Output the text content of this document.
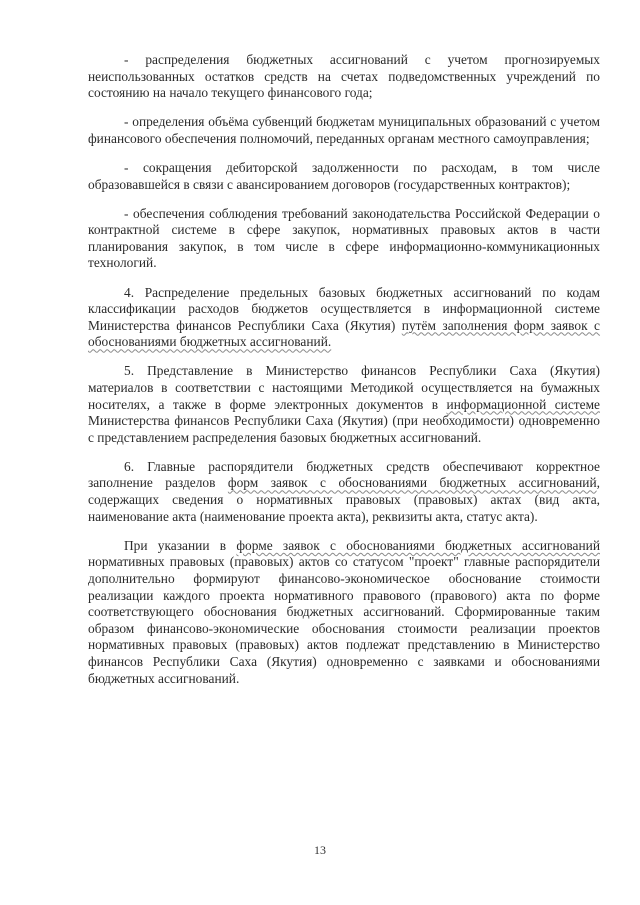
- распределения бюджетных ассигнований с учетом прогнозируемых неиспользованных остатков средств на счетах подведомственных учреждений по состоянию на начало текущего финансового года;

- определения объёма субвенций бюджетам муниципальных образований с учетом финансового обеспечения полномочий, переданных органам местного самоуправления;

- сокращения дебиторской задолженности по расходам, в том числе образовавшейся в связи с авансированием договоров (государственных контрактов);

- обеспечения соблюдения требований законодательства Российской Федерации о контрактной системе в сфере закупок, нормативных правовых актов в части планирования закупок, в том числе в сфере информационно-коммуникационных технологий.

4. Распределение предельных базовых бюджетных ассигнований по кодам классификации расходов бюджетов осуществляется в информационной системе Министерства финансов Республики Саха (Якутия) путём заполнения форм заявок с обоснованиями бюджетных ассигнований.

5. Представление в Министерство финансов Республики Саха (Якутия) материалов в соответствии с настоящими Методикой осуществляется на бумажных носителях, а также в форме электронных документов в информационной системе Министерства финансов Республики Саха (Якутия) (при необходимости) одновременно с представлением распределения базовых бюджетных ассигнований.

6. Главные распорядители бюджетных средств обеспечивают корректное заполнение разделов форм заявок с обоснованиями бюджетных ассигнований, содержащих сведения о нормативных правовых (правовых) актах (вид акта, наименование акта (наименование проекта акта), реквизиты акта, статус акта).

При указании в форме заявок с обоснованиями бюджетных ассигнований нормативных правовых (правовых) актов со статусом "проект" главные распорядители дополнительно формируют финансово-экономическое обоснование стоимости реализации каждого проекта нормативного правового (правового) акта по форме соответствующего обоснования бюджетных ассигнований. Сформированные таким образом финансово-экономические обоснования стоимости реализации проектов нормативных правовых (правовых) актов подлежат представлению в Министерство финансов Республики Саха (Якутия) одновременно с заявками и обоснованиями бюджетных ассигнований.

13
